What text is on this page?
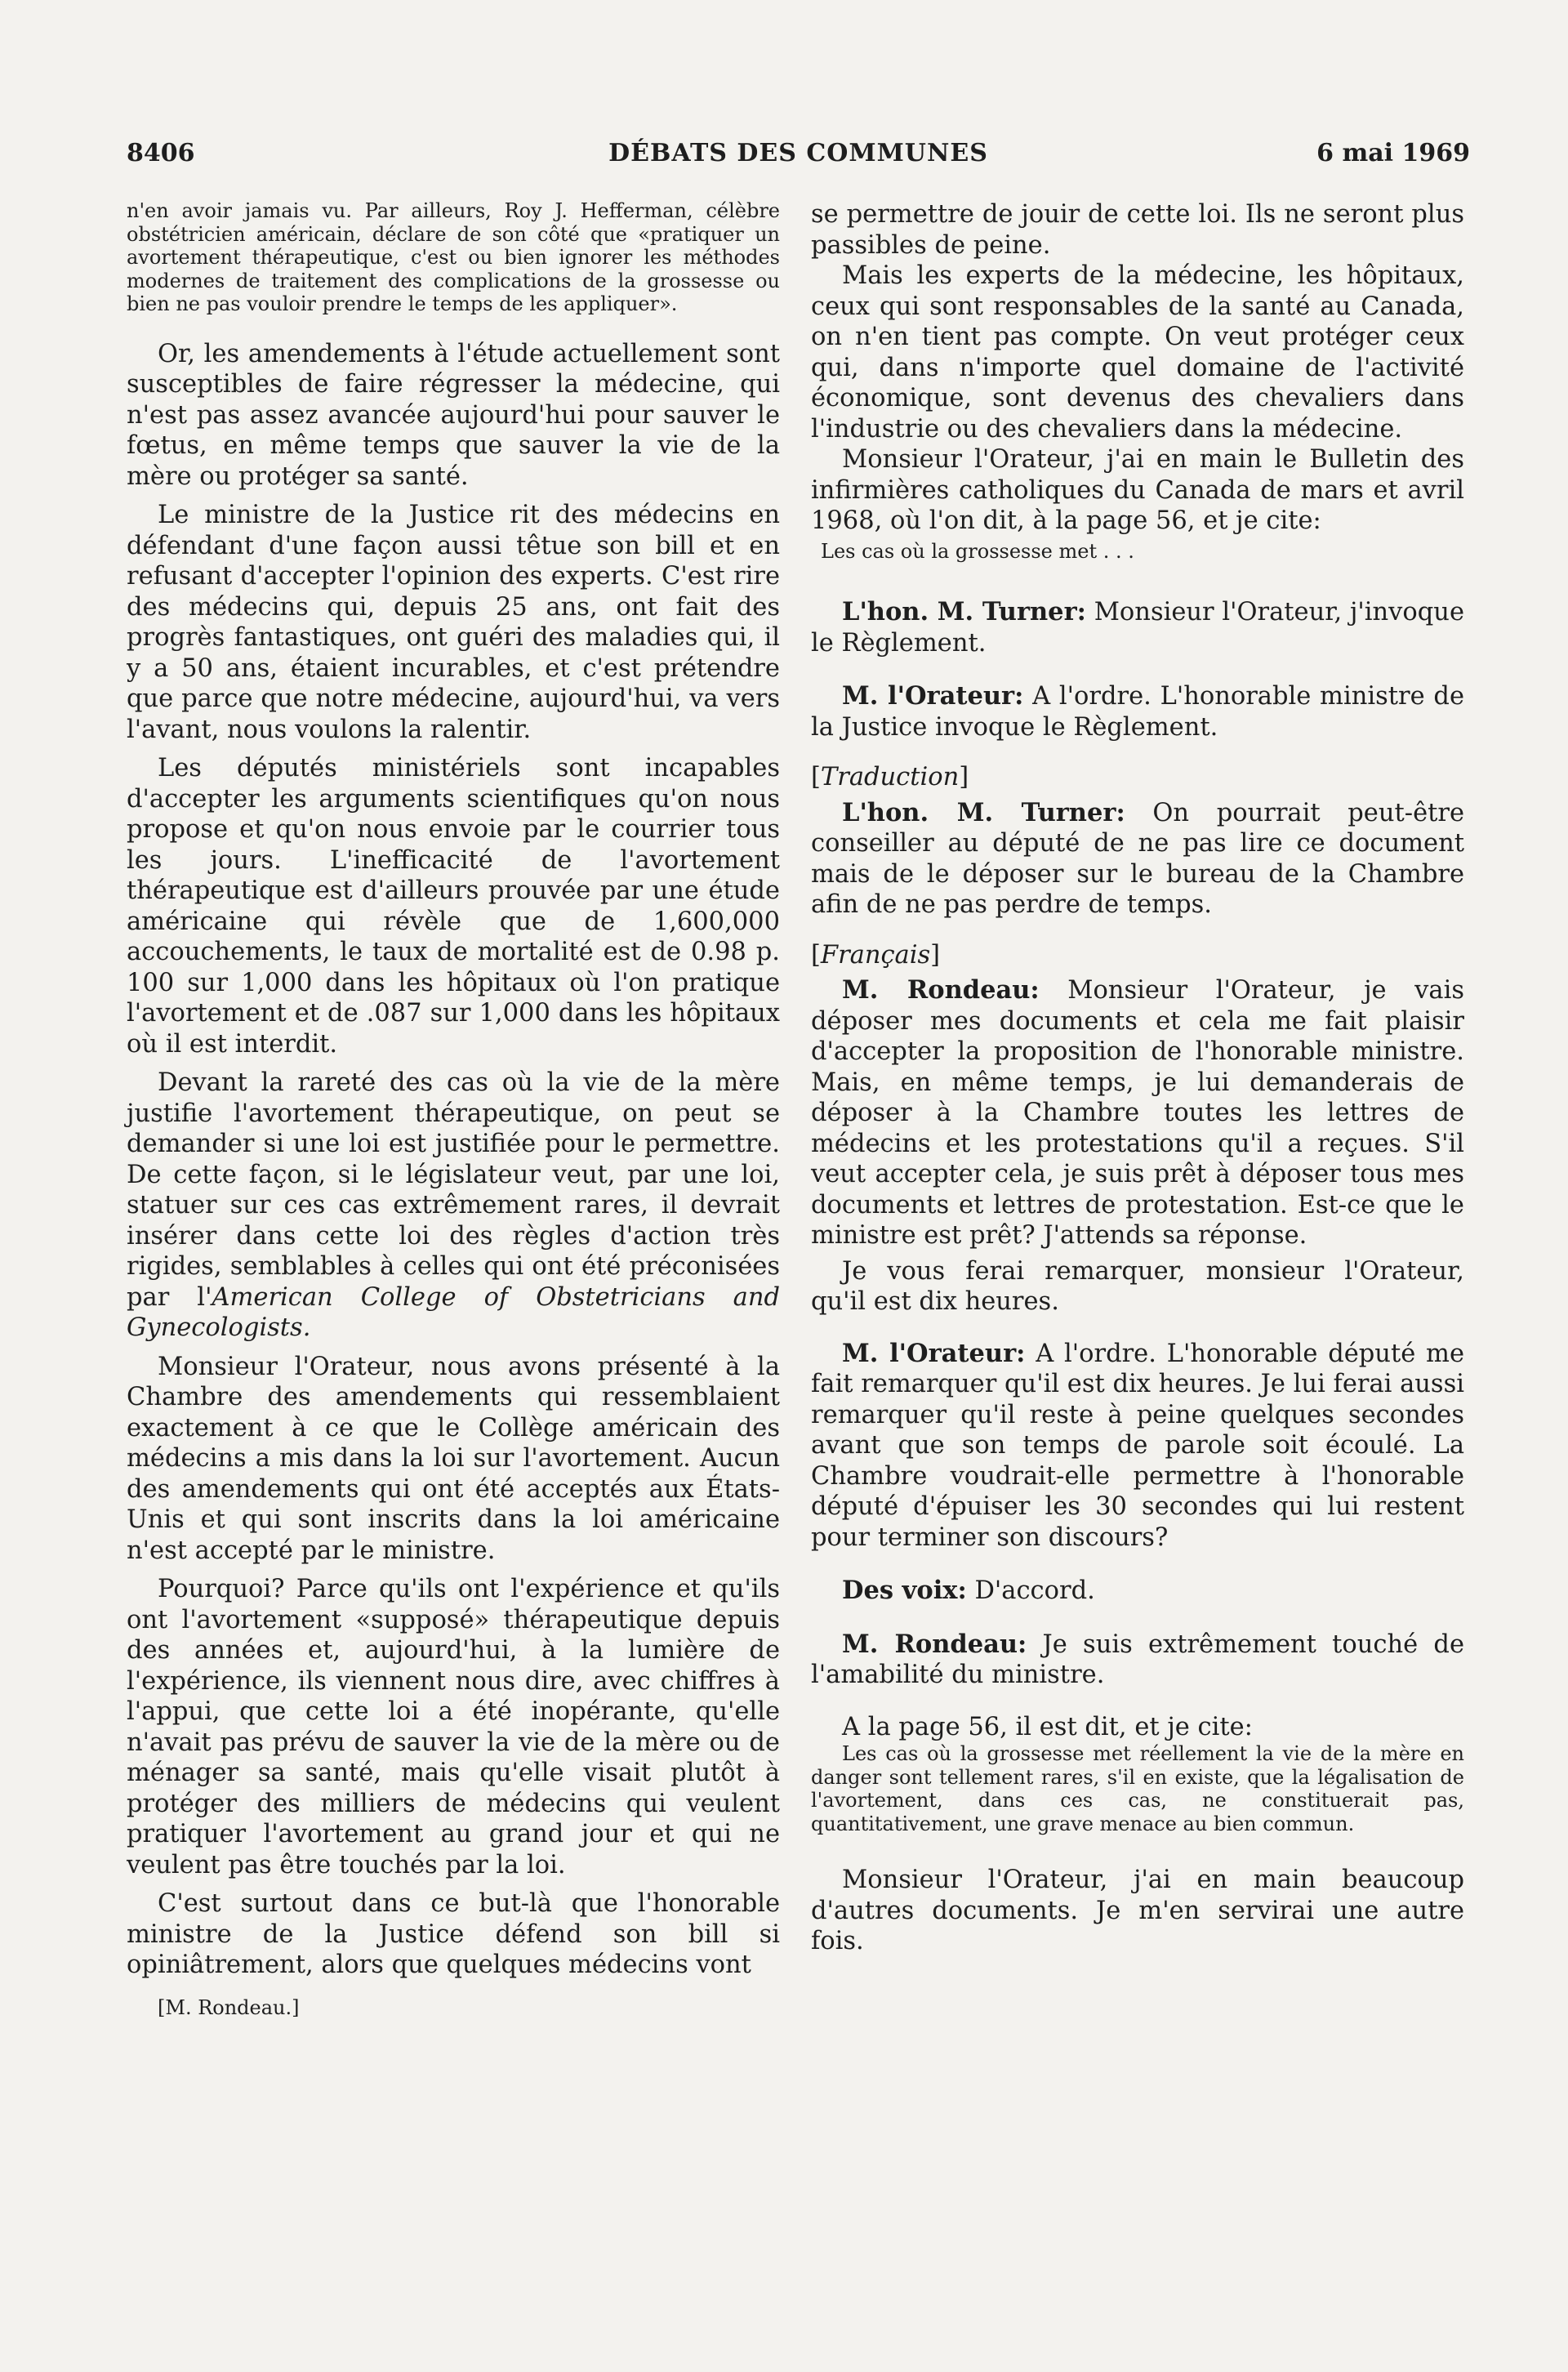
8406	DÉBATS DES COMMUNES	6 mai 1969

n'en avoir jamais vu. Par ailleurs, Roy J. Hefferman, célèbre obstétricien américain, déclare de son côté que «pratiquer un avortement thérapeutique, c'est ou bien ignorer les méthodes modernes de traitement des complications de la grossesse ou bien ne pas vouloir prendre le temps de les appliquer».

Or, les amendements à l'étude actuellement sont susceptibles de faire régresser la médecine, qui n'est pas assez avancée aujourd'hui pour sauver le fœtus, en même temps que sauver la vie de la mère ou protéger sa santé.

Le ministre de la Justice rit des médecins en défendant d'une façon aussi têtue son bill et en refusant d'accepter l'opinion des experts. C'est rire des médecins qui, depuis 25 ans, ont fait des progrès fantastiques, ont guéri des maladies qui, il y a 50 ans, étaient incurables, et c'est prétendre que parce que notre médecine, aujourd'hui, va vers l'avant, nous voulons la ralentir.

Les députés ministériels sont incapables d'accepter les arguments scientifiques qu'on nous propose et qu'on nous envoie par le courrier tous les jours. L'inefficacité de l'avortement thérapeutique est d'ailleurs prouvée par une étude américaine qui révèle que de 1,600,000 accouchements, le taux de mortalité est de 0.98 p. 100 sur 1,000 dans les hôpitaux où l'on pratique l'avortement et de .087 sur 1,000 dans les hôpitaux où il est interdit.

Devant la rareté des cas où la vie de la mère justifie l'avortement thérapeutique, on peut se demander si une loi est justifiée pour le permettre. De cette façon, si le législateur veut, par une loi, statuer sur ces cas extrêmement rares, il devrait insérer dans cette loi des règles d'action très rigides, semblables à celles qui ont été préconisées par l'American College of Obstetricians and Gynecologists.

Monsieur l'Orateur, nous avons présenté à la Chambre des amendements qui ressemblaient exactement à ce que le Collège américain des médecins a mis dans la loi sur l'avortement. Aucun des amendements qui ont été acceptés aux États-Unis et qui sont inscrits dans la loi américaine n'est accepté par le ministre.

Pourquoi? Parce qu'ils ont l'expérience et qu'ils ont l'avortement «supposé» thérapeutique depuis des années et, aujourd'hui, à la lumière de l'expérience, ils viennent nous dire, avec chiffres à l'appui, que cette loi a été inopérante, qu'elle n'avait pas prévu de sauver la vie de la mère ou de ménager sa santé, mais qu'elle visait plutôt à protéger des milliers de médecins qui veulent pratiquer l'avortement au grand jour et qui ne veulent pas être touchés par la loi.

C'est surtout dans ce but-là que l'honorable ministre de la Justice défend son bill si opiniâtrement, alors que quelques médecins vont

[M. Rondeau.]

se permettre de jouir de cette loi. Ils ne seront plus passibles de peine.

Mais les experts de la médecine, les hôpitaux, ceux qui sont responsables de la santé au Canada, on n'en tient pas compte. On veut protéger ceux qui, dans n'importe quel domaine de l'activité économique, sont devenus des chevaliers dans l'industrie ou des chevaliers dans la médecine.

Monsieur l'Orateur, j'ai en main le Bulletin des infirmières catholiques du Canada de mars et avril 1968, où l'on dit, à la page 56, et je cite:

Les cas où la grossesse met . . .

L'hon. M. Turner: Monsieur l'Orateur, j'invoque le Règlement.

M. l'Orateur: A l'ordre. L'honorable ministre de la Justice invoque le Règlement.

[Traduction]

L'hon. M. Turner: On pourrait peut-être conseiller au député de ne pas lire ce document mais de le déposer sur le bureau de la Chambre afin de ne pas perdre de temps.

[Français]

M. Rondeau: Monsieur l'Orateur, je vais déposer mes documents et cela me fait plaisir d'accepter la proposition de l'honorable ministre. Mais, en même temps, je lui demanderais de déposer à la Chambre toutes les lettres de médecins et les protestations qu'il a reçues. S'il veut accepter cela, je suis prêt à déposer tous mes documents et lettres de protestation. Est-ce que le ministre est prêt? J'attends sa réponse.

Je vous ferai remarquer, monsieur l'Orateur, qu'il est dix heures.

M. l'Orateur: A l'ordre. L'honorable député me fait remarquer qu'il est dix heures. Je lui ferai aussi remarquer qu'il reste à peine quelques secondes avant que son temps de parole soit écoulé. La Chambre voudrait-elle permettre à l'honorable député d'épuiser les 30 secondes qui lui restent pour terminer son discours?

Des voix: D'accord.

M. Rondeau: Je suis extrêmement touché de l'amabilité du ministre.

A la page 56, il est dit, et je cite:

Les cas où la grossesse met réellement la vie de la mère en danger sont tellement rares, s'il en existe, que la légalisation de l'avortement, dans ces cas, ne constituerait pas, quantitativement, une grave menace au bien commun.

Monsieur l'Orateur, j'ai en main beaucoup d'autres documents. Je m'en servirai une autre fois.
